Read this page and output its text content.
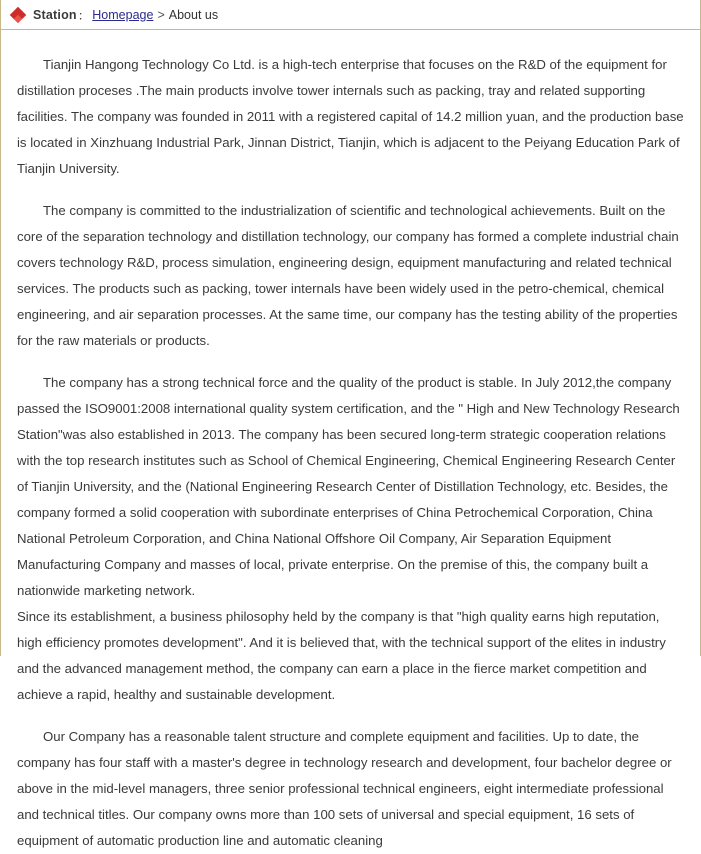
Station ： Homepage > About us

Tianjin Hangong Technology Co Ltd. is a high-tech enterprise that focuses on the R&D of the equipment for distillation proceses .The main products involve tower internals such as packing, tray and related supporting facilities. The company was founded in 2011 with a registered capital of 14.2 million yuan, and the production base is located in Xinzhuang Industrial Park, Jinnan District, Tianjin, which is adjacent to the Peiyang Education Park of Tianjin University.

The company is committed to the industrialization of scientific and technological achievements. Built on the core of the separation technology and distillation technology, our company has formed a complete industrial chain covers technology R&D, process simulation, engineering design, equipment manufacturing and related technical services. The products such as packing, tower internals have been widely used in the petro-chemical, chemical engineering, and air separation processes. At the same time, our company has the testing ability of the properties for the raw materials or products.

The company has a strong technical force and the quality of the product is stable. In July 2012,the company passed the ISO9001:2008 international quality system certification, and the " High and New Technology Research Station"was also established in 2013. The company has been secured long-term strategic cooperation relations with the top research institutes such as School of Chemical Engineering, Chemical Engineering Research Center of Tianjin University, and the (National Engineering Research Center of Distillation Technology, etc. Besides, the company formed a solid cooperation with subordinate enterprises of China Petrochemical Corporation, China National Petroleum Corporation, and China National Offshore Oil Company, Air Separation Equipment Manufacturing Company and masses of local, private enterprise. On the premise of this, the company built a nationwide marketing network.

Since its establishment, a business philosophy held by the company is that "high quality earns high reputation, high efficiency promotes development". And it is believed that, with the technical support of the elites in industry and the advanced management method, the company can earn a place in the fierce market competition and achieve a rapid, healthy and sustainable development.

Our Company has a reasonable talent structure and complete equipment and facilities. Up to date, the company has four staff with a master's degree in technology research and development, four bachelor degree or above in the mid-level managers, three senior professional technical engineers, eight intermediate professional and technical titles. Our company owns more than 100 sets of universal and special equipment, 16 sets of equipment of automatic production line and automatic cleaning
